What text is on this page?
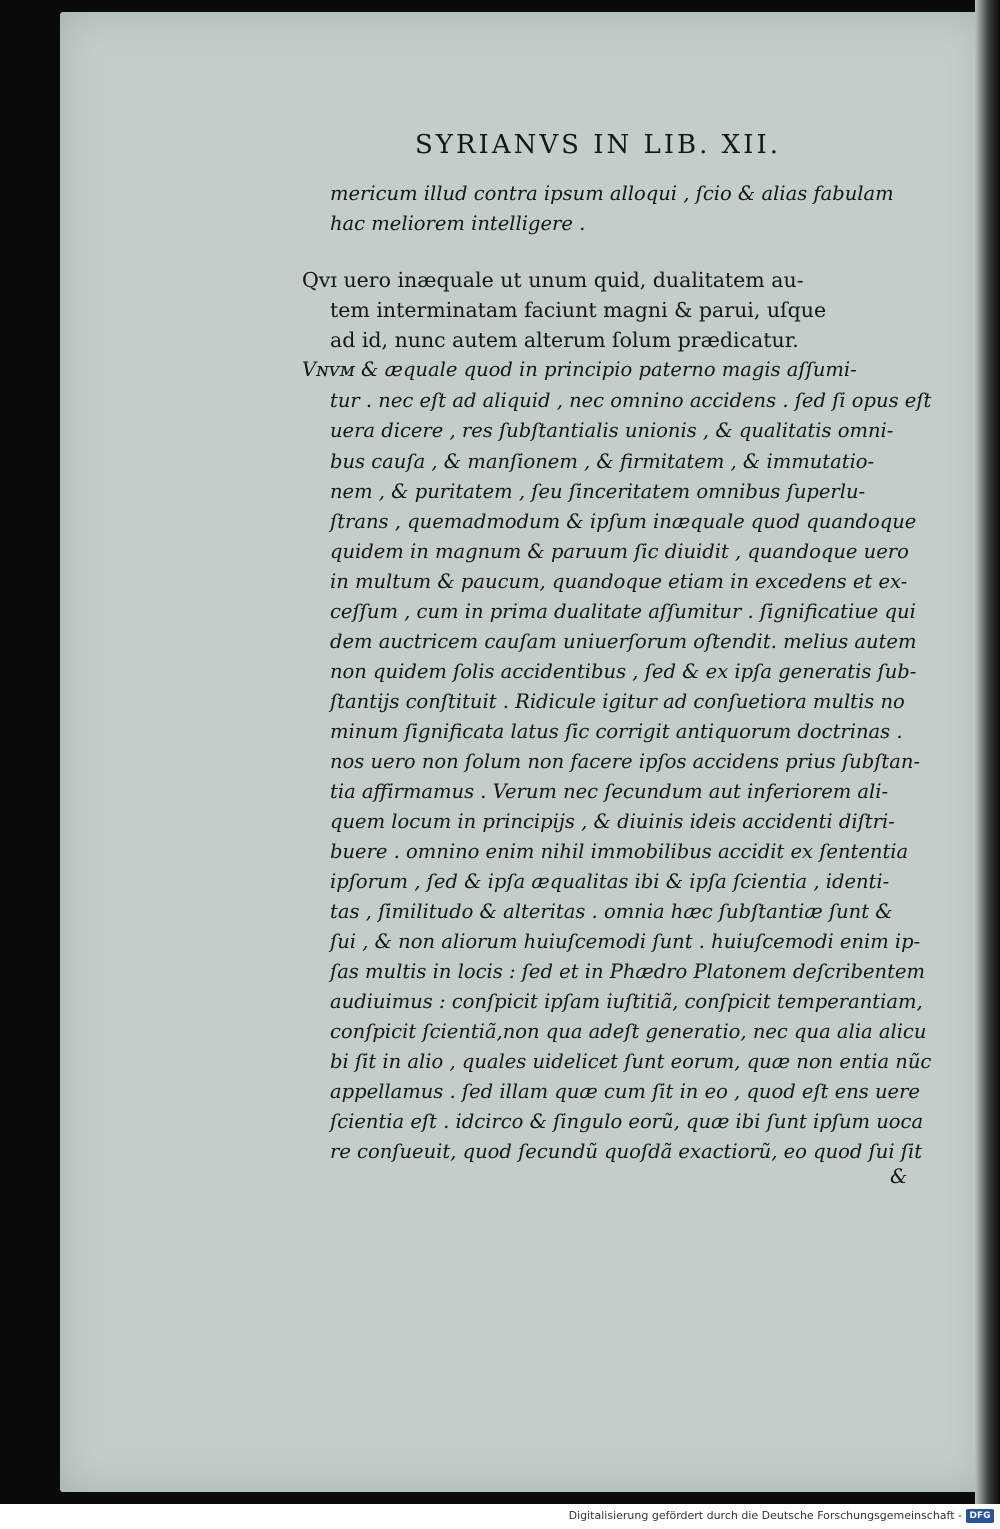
SYRIANVS IN LIB. XII.
mericum illud contra ipsum alloqui , ſcio & alias fabulam
hac meliorem intelligere .
Qᴠɪ uero inæquale ut unum quid, dualitatem au-
tem interminatam faciunt magni & parui, uſque
ad id, nunc autem alterum ſolum prædicatur.
Vɴᴠᴍ & æquale quod in principio paterno magis aſſumi-
tur . nec eſt ad aliquid , nec omnino accidens . ſed ſi opus eſt
uera dicere , res ſubſtantialis unionis , & qualitatis omni-
bus cauſa , & manſionem , & firmitatem , & immutatio-
nem , & puritatem , ſeu ſinceritatem omnibus ſuperlu-
ſtrans , quemadmodum & ipſum inæquale quod quandoque
quidem in magnum & paruum ſic diuidit , quandoque uero
in multum & paucum, quandoque etiam in excedens et ex-
ceſſum , cum in prima dualitate aſſumitur . ſignificatiue qui
dem auctricem cauſam uniuerſorum oſtendit. melius autem
non quidem ſolis accidentibus , ſed & ex ipſa generatis ſub-
ſtantijs conſtituit . Ridicule igitur ad conſuetiora multis no
minum ſignificata latus ſic corrigit antiquorum doctrinas .
nos uero non ſolum non facere ipſos accidens prius ſubſtan-
tia affirmamus . Verum nec ſecundum aut inferiorem ali-
quem locum in principijs , & diuinis ideis accidenti diſtri-
buere . omnino enim nihil immobilibus accidit ex ſententia
ipſorum , ſed & ipſa æqualitas ibi & ipſa ſcientia , identi-
tas , ſimilitudo & alteritas . omnia hæc ſubſtantiæ ſunt &
ſui , & non aliorum huiuſcemodi ſunt . huiuſcemodi enim ip-
ſas multis in locis : ſed et in Phædro Platonem deſcribentem
audiuimus : conſpicit ipſam iuſtitiã, conſpicit temperantiam,
conſpicit ſcientiã,non qua adeſt generatio, nec qua alia alicu
bi ſit in alio , quales uidelicet ſunt eorum, quæ non entia nũc
appellamus . ſed illam quæ cum ſit in eo , quod eſt ens uere
ſcientia eſt . idcirco & ſingulo eorũ, quæ ibi ſunt ipſum uoca
re conſueuit, quod ſecundũ quoſdã exactiorũ, eo quod ſui ſit
&
Digitalisierung gefördert durch die Deutsche Forschungsgemeinschaft - DFG
